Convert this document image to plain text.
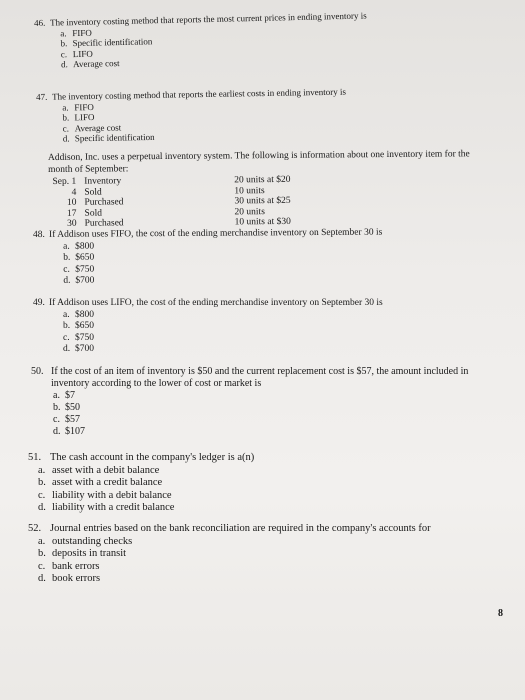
46. The inventory costing method that reports the most current prices in ending inventory is
a. FIFO
b. Specific identification
c. LIFO
d. Average cost
47. The inventory costing method that reports the earliest costs in ending inventory is
a. FIFO
b. LIFO
c. Average cost
d. Specific identification
Addison, Inc. uses a perpetual inventory system. The following is information about one inventory item for the month of September:
Sep. 1	Inventory	20 units at $20
4	Sold	10 units
10	Purchased	30 units at $25
17	Sold	20 units
30	Purchased	10 units at $30
48. If Addison uses FIFO, the cost of the ending merchandise inventory on September 30 is
a. $800
b. $650
c. $750
d. $700
49. If Addison uses LIFO, the cost of the ending merchandise inventory on September 30 is
a. $800
b. $650
c. $750
d. $700
50. If the cost of an item of inventory is $50 and the current replacement cost is $57, the amount included in inventory according to the lower of cost or market is
a. $7
b. $50
c. $57
d. $107
51. The cash account in the company's ledger is a(n)
a. asset with a debit balance
b. asset with a credit balance
c. liability with a debit balance
d. liability with a credit balance
52. Journal entries based on the bank reconciliation are required in the company's accounts for
a. outstanding checks
b. deposits in transit
c. bank errors
d. book errors
8
